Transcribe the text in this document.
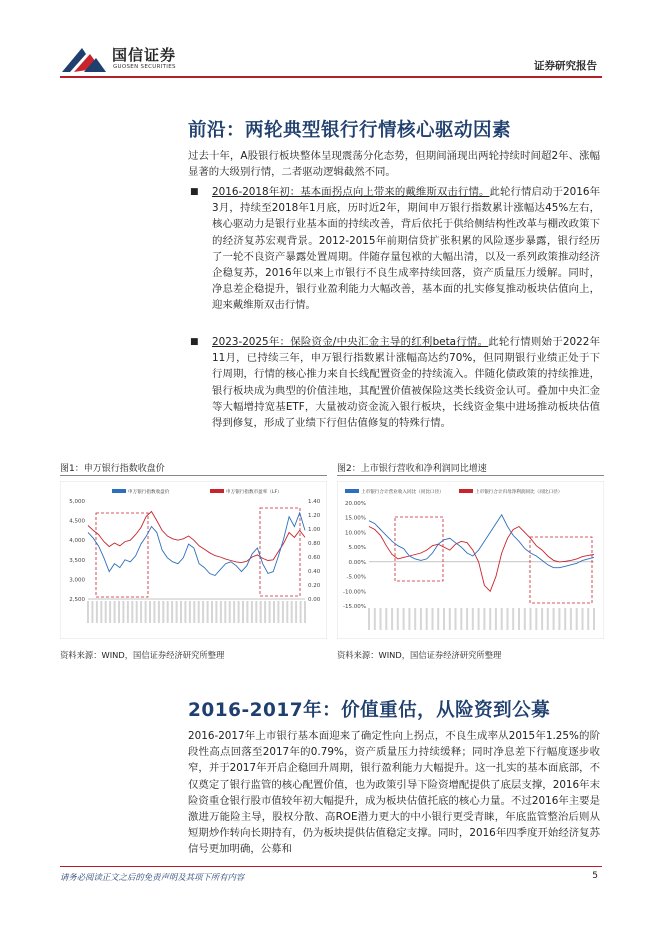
国信证券
GUOSEN SECURITIES	证券研究报告
前沿：两轮典型银行行情核心驱动因素
过去十年，A股银行板块整体呈现震荡分化态势，但期间涌现出两轮持续时间超2年、涨幅显著的大级别行情，二者驱动逻辑截然不同。
■ 2016-2018年初：基本面拐点向上带来的戴维斯双击行情。此轮行情启动于2016年3月，持续至2018年1月底，历时近2年，期间申万银行指数累计涨幅达45%左右，核心驱动力是银行业基本面的持续改善，背后依托于供给侧结构性改革与棚改政策下的经济复苏宏观背景。2012-2015年前期信贷扩张积累的风险逐步暴露，银行经历了一轮不良资产暴露处置周期。伴随存量包袱的大幅出清，以及一系列政策推动经济企稳复苏，2016年以来上市银行不良生成率持续回落，资产质量压力缓解。同时，净息差企稳提升，银行业盈利能力大幅改善，基本面的扎实修复推动板块估值向上，迎来戴维斯双击行情。
■ 2023-2025年：保险资金/中央汇金主导的红利beta行情。此轮行情则始于2022年11月，已持续三年，申万银行指数累计涨幅高达约70%，但同期银行业绩正处于下行周期，行情的核心推力来自长线配置资金的持续流入。伴随化债政策的持续推进，银行板块成为典型的价值洼地，其配置价值被保险这类长线资金认可。叠加中央汇金等大幅增持宽基ETF，大量被动资金流入银行板块，长线资金集中进场推动板块估值得到修复，形成了业绩下行但估值修复的特殊行情。
图1：申万银行指数收盘价	图2：上市银行营收和净利润同比增速
2,500
3,000
3,500
4,000
4,500
5,000
0.00
0.20
0.40
0.60
0.80
1.00
1.20
1.40
申万银行指数收盘价	申万银行指数市盈率（LF）
-15.00%
-10.00%
-5.00%
0.00%
5.00%
10.00%
15.00%
20.00%
上市银行合计营业收入同比（同比口径）	上市银行合计归母净利润同比（同比口径）
资料来源：WIND，国信证券经济研究所整理	资料来源：WIND，国信证券经济研究所整理
2016-2017年：价值重估，从险资到公募
2016-2017年上市银行基本面迎来了确定性向上拐点，不良生成率从2015年1.25%的阶段性高点回落至2017年的0.79%，资产质量压力持续缓释；同时净息差下行幅度逐步收窄，并于2017年开启企稳回升周期，银行盈利能力大幅提升。这一扎实的基本面底部，不仅奠定了银行监管的核心配置价值，也为政策引导下险资增配提供了底层支撑，2016年末险资重仓银行股市值较年初大幅提升，成为板块估值托底的核心力量。不过2016年主要是激进万能险主导，股权分散、高ROE潜力更大的中小银行更受青睐，年底监管整治后则从短期炒作转向长期持有，仍为板块提供估值稳定支撑。同时，2016年四季度开始经济复苏信号更加明确，公募和
请务必阅读正文之后的免责声明及其项下所有内容	5
